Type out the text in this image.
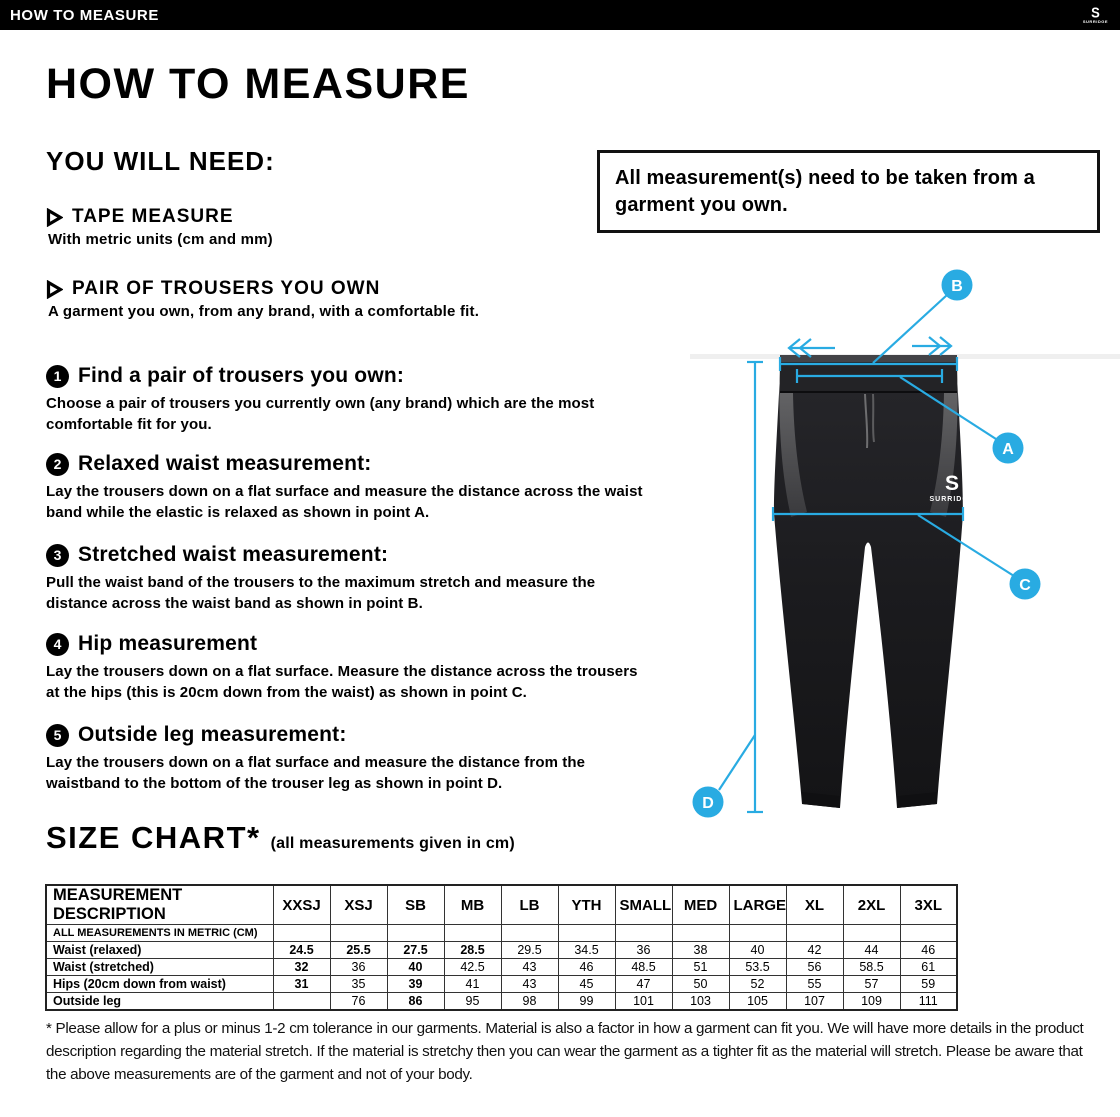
HOW TO MEASURE	S
SURRIDGE
HOW TO MEASURE
YOU WILL NEED:

All measurement(s) need to be taken from a garment you own.

TAPE MEASURE
With metric units (cm and mm)
PAIR OF TROUSERS YOU OWN
A garment you own, from any brand, with a comfortable fit.
1 Find a pair of trousers you own:

Choose a pair of trousers you currently own (any brand) which are the most comfortable fit for you.

2 Relaxed waist measurement:

Lay the trousers down on a flat surface and measure the distance across the waist band while the elastic is relaxed as shown in point A.

3 Stretched waist measurement:

Pull the waist band of the trousers to the maximum stretch and measure the distance across the waist band as shown in point B.

4 Hip measurement

Lay the trousers down on a flat surface. Measure the distance across the trousers at the hips (this is 20cm down from the waist) as shown in point C.

5 Outside leg measurement:

Lay the trousers down on a flat surface and measure the distance from the waistband to the bottom of the trouser leg as shown in point D.

S
SURRIDGE
B
A
C
D
SIZE CHART* (all measurements given in cm)
MEASUREMENT DESCRIPTION	XXSJ	XSJ	SB	MB	LB	YTH	SMALL	MED	LARGE	XL	2XL	3XL
ALL MEASUREMENTS IN METRIC (CM)												
Waist (relaxed)	24.5	25.5	27.5	28.5	29.5	34.5	36	38	40	42	44	46
Waist (stretched)	32	36	40	42.5	43	46	48.5	51	53.5	56	58.5	61
Hips (20cm down from waist)	31	35	39	41	43	45	47	50	52	55	57	59
Outside leg		76	86	95	98	99	101	103	105	107	109	111

* Please allow for a plus or minus 1-2 cm tolerance in our garments. Material is also a factor in how a garment can fit you. We will have more details in the product description regarding the material stretch. If the material is stretchy then you can wear the garment as a tighter fit as the material will stretch. Please be aware that the above measurements are of the garment and not of your body.
